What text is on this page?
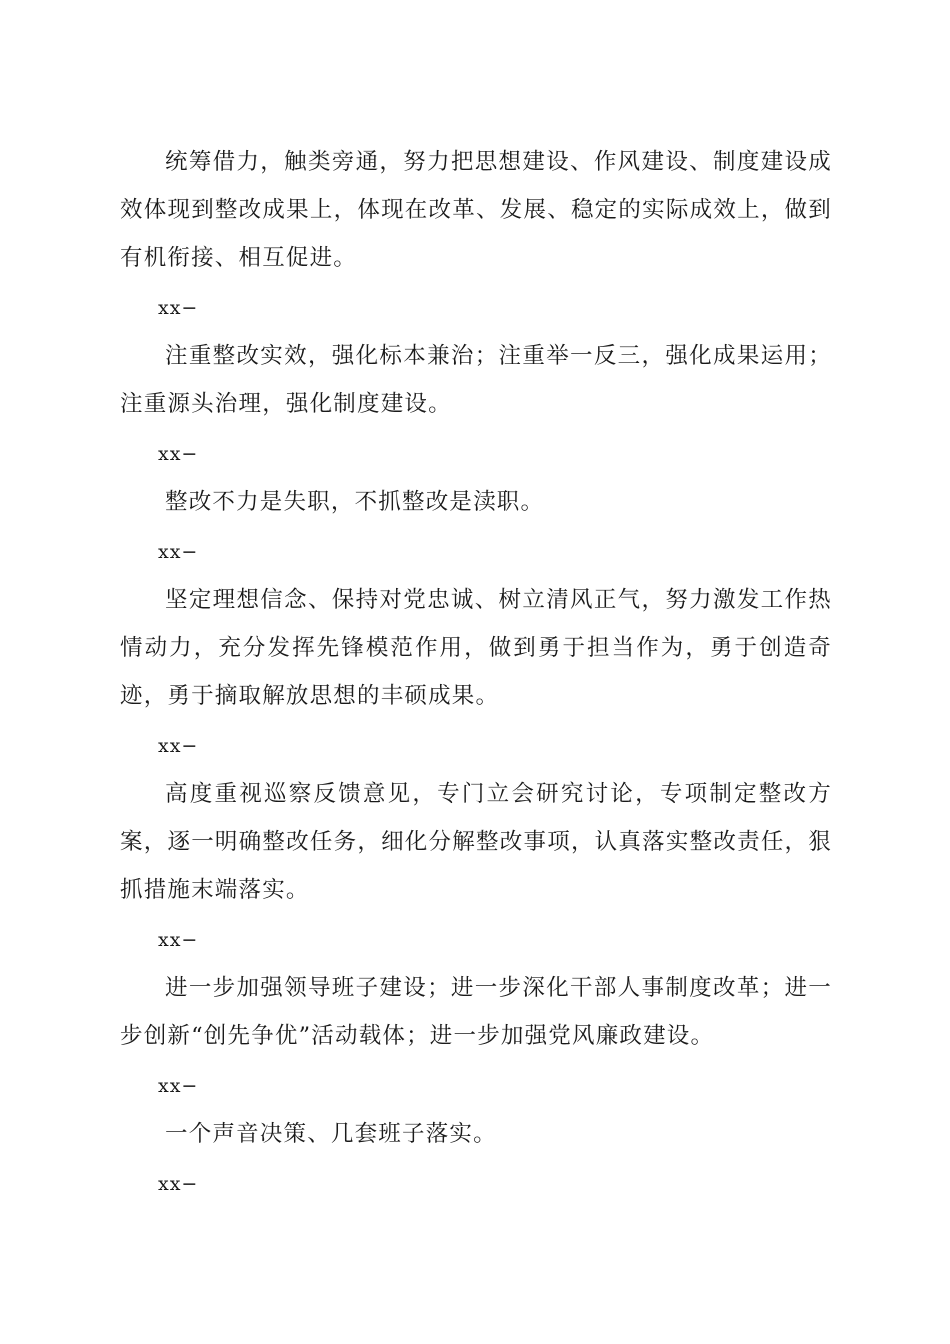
统筹借力，触类旁通，努力把思想建设、作风建设、制度建设成效体现到整改成果上，体现在改革、发展、稳定的实际成效上，做到有机衔接、相互促进。

xx−

注重整改实效，强化标本兼治；注重举一反三，强化成果运用；注重源头治理，强化制度建设。

xx−

整改不力是失职，不抓整改是渎职。

xx−

坚定理想信念、保持对党忠诚、树立清风正气，努力激发工作热情动力，充分发挥先锋模范作用，做到勇于担当作为，勇于创造奇迹，勇于摘取解放思想的丰硕成果。

xx−

高度重视巡察反馈意见，专门立会研究讨论，专项制定整改方案，逐一明确整改任务，细化分解整改事项，认真落实整改责任，狠抓措施末端落实。

xx−

进一步加强领导班子建设；进一步深化干部人事制度改革；进一步创新“创先争优”活动载体；进一步加强党风廉政建设。

xx−

一个声音决策、几套班子落实。

xx−
